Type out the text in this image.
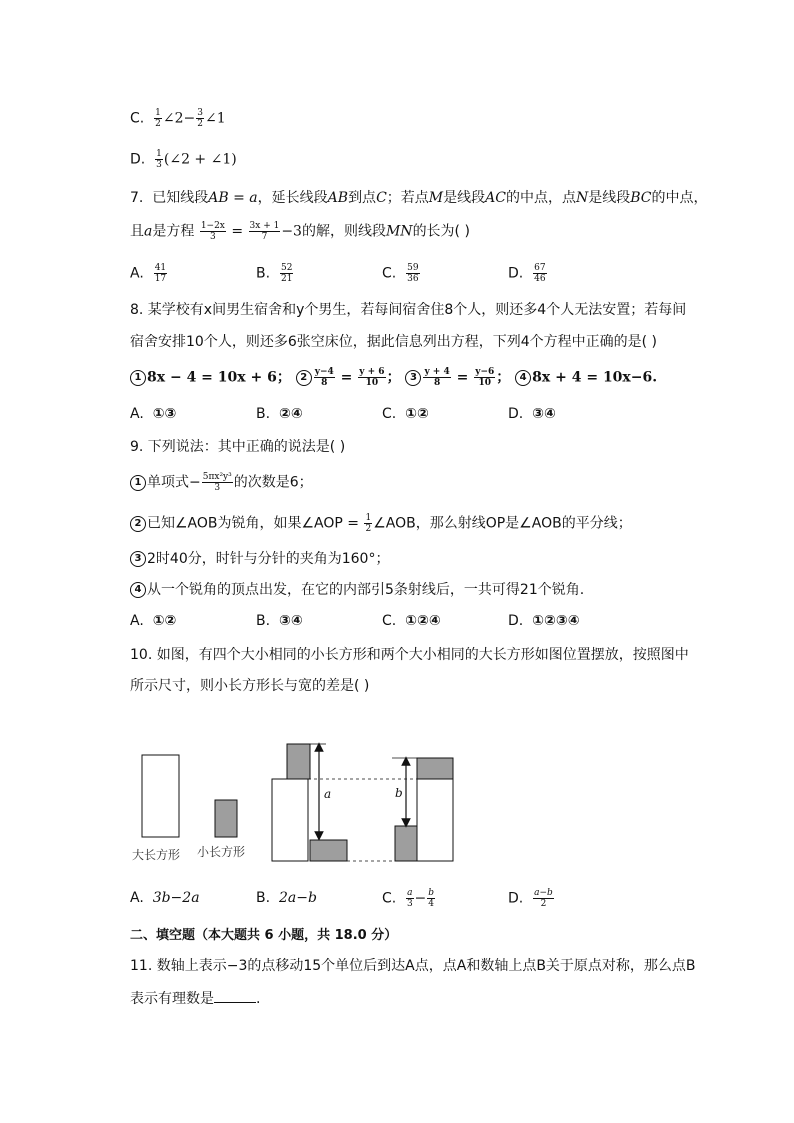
C. $\frac{1}{2}$ ∠2− $\frac{3}{2}$ ∠1
D. $\frac{1}{3}$ (∠2 + ∠1)
7. 已知线段AB = a，延长线段AB到点C；若点M是线段AC的中点，点N是线段BC的中点，
且a是方程 $\frac{1-2x}{3} = \frac{3x + 1}{7} -3$的解，则线段MN的长为( )
A. $\frac{41}{17}$	B. $\frac{52}{21}$	C. $\frac{59}{36}$	D. $\frac{67}{46}$
8. 某学校有x间男生宿舍和y个男生，若每间宿舍住8个人，则还多4个人无法安置；若每间
宿舍安排10个人，则还多6张空床位，据此信息列出方程，下列4个方程中正确的是( )
1 8x − 4 = 10x + 6； $2 \frac{y-4}{8} = \frac{y + 6}{10}$ ； $3 \frac{y + 4}{8} = \frac{y-6}{10}$ ； 4 8x + 4 = 10x−6.
A. ①③	B. ②④	C. ①②	D. ③④
9. 下列说法：其中正确的说法是( )
1 单项式− $\frac{\text{5πx²y³}}{3}$ 的次数是6；
2 已知∠AOB为锐角，如果∠AOP = $\frac{1}{2}$ ∠AOB，那么射线OP是∠AOB的平分线；
3 2时40分，时针与分针的夹角为160°；
4 从一个锐角的顶点出发，在它的内部引5条射线后，一共可得21个锐角.
A. ①②	B. ③④	C. ①②④	D. ①②③④
10. 如图，有四个大小相同的小长方形和两个大小相同的大长方形如图位置摆放，按照图中
所示尺寸，则小长方形长与宽的差是( )
大长方形 小长方形
a	b
A. 3b−2a	B. 2a−b	C. $\frac{a}{3} - \frac{b}{4}$	D. $\frac{a-b}{2}$
二、填空题（本大题共 6 小题，共 18.0 分）
11. 数轴上表示−3的点移动15个单位后到达A点，点A和数轴上点B关于原点对称，那么点B
表示有理数是	.
